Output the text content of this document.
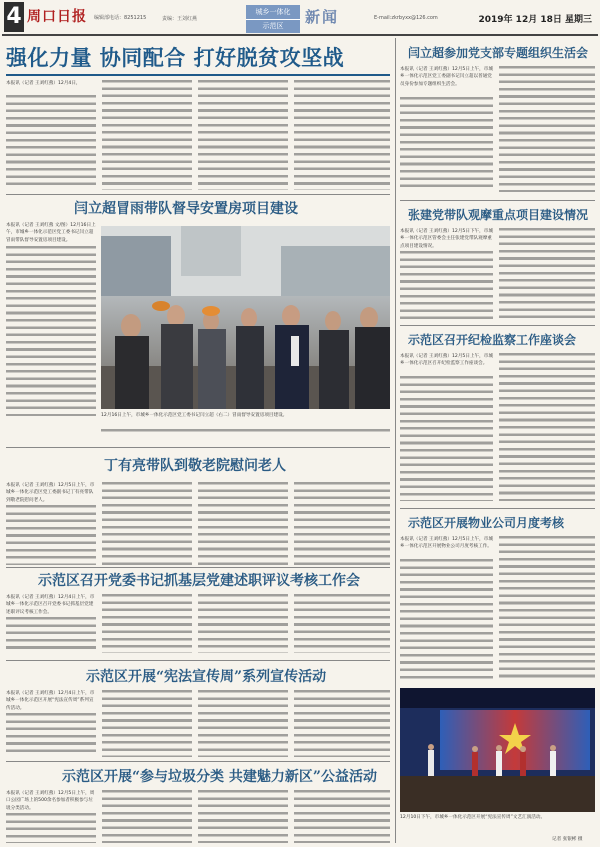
4 周口日报 编辑部电话：8251215
城乡一体化
示范区	新闻
责编：王刘红燕	E-mail:zkrbyxx@126.com	2019年 12月 18日 星期三
强化力量 协同配合 打好脱贫攻坚战
本报讯（记者 王刘红燕）12月4日，
闫立超冒雨带队督导安置房项目建设
本报讯（记者 王刘红燕 文/图）12月16日上午，市城乡一体化示范区党工委书记闫立超冒雨带队督导安置房项目建设。
12月16日上午，市城乡一体化示范区党工委书记闫立超（右二）冒雨督导安置房项目建设。
丁有亮带队到敬老院慰问老人
本报讯（记者 王刘红燕）12月5日上午，市城乡一体化示范区党工委副书记丁有亮带队到敬老院慰问老人。
示范区召开党委书记抓基层党建述职评议考核工作会
本报讯（记者 王刘红燕）12月4日上午，市城乡一体化示范区召开党委书记抓基层党建述职评议考核工作会。
示范区开展“宪法宣传周”系列宣传活动
本报讯（记者 王刘红燕）12月4日上午，市城乡一体化示范区开展“宪法宣传周”系列宣传活动。
示范区开展“参与垃圾分类 共建魅力新区”公益活动
本报讯（记者 王刘红燕）12月5日上午，周口公园广场上的500余名参加者积极参与垃圾分类活动。
闫立超参加党支部专题组织生活会
本报讯（记者 王刘红燕）12月5日上午，市城乡一体化示范区党工委副书记闫立超以普通党员身份参加专题组织生活会。
张建党带队观摩重点项目建设情况
本报讯（记者 王刘红燕）12月5日下午，市城乡一体化示范区管委会主任张建党带队观摩重点项目建设情况。
示范区召开纪检监察工作座谈会
本报讯（记者 王刘红燕）12月5日上午，市城乡一体化示范区召开纪检监察工作座谈会。
示范区开展物业公司月度考核
本报讯（记者 王刘红燕）12月5日上午，市城乡一体化示范区开展物业公司月度考核工作。
12月10日下午，市城乡一体化示范区开展“宪法宣传周”文艺汇演活动。
记者 张银彬 摄
